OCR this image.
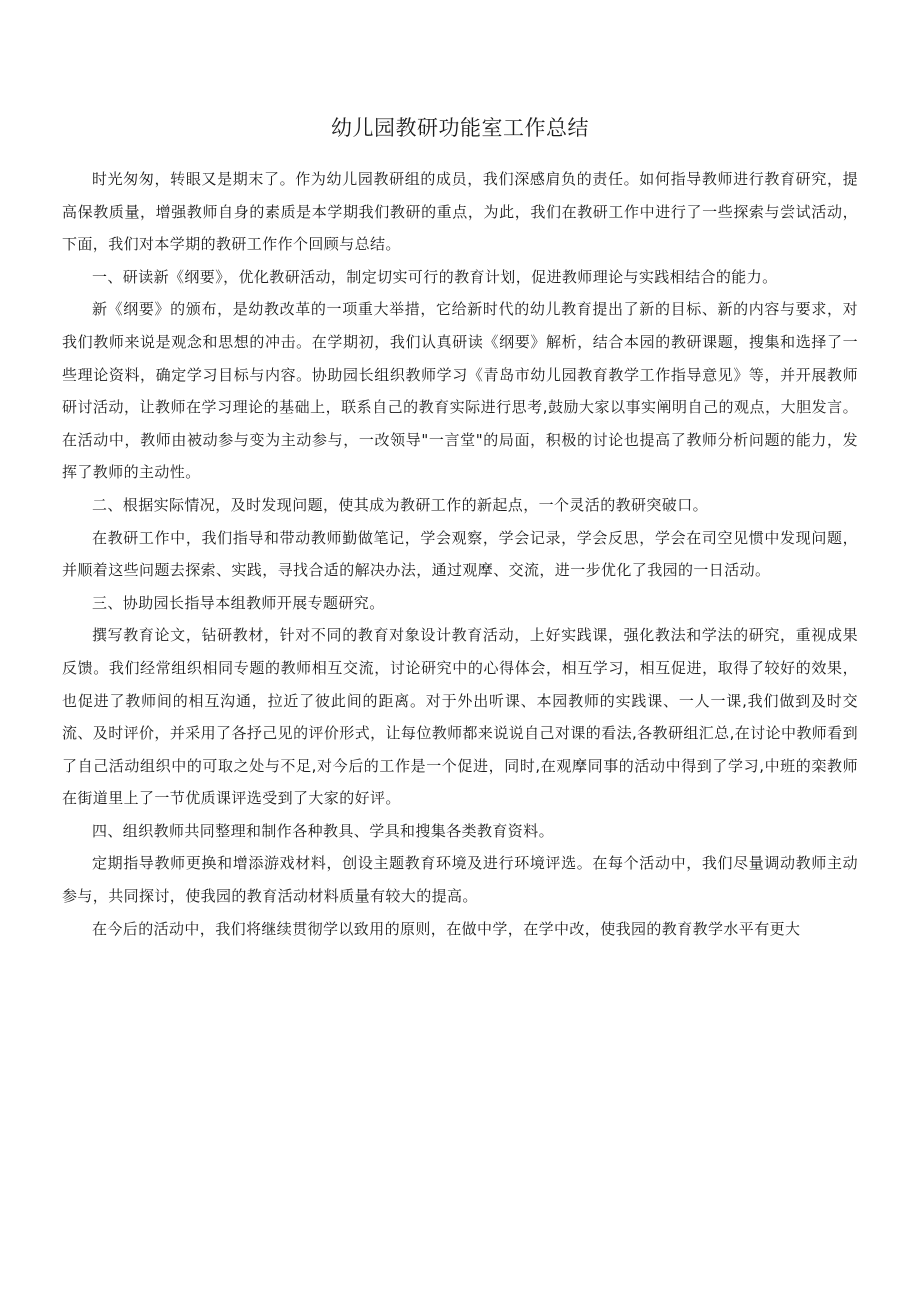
幼儿园教研功能室工作总结

时光匆匆，转眼又是期末了。作为幼儿园教研组的成员，我们深感肩负的责任。如何指导教师进行教育研究，提高保教质量，增强教师自身的素质是本学期我们教研的重点，为此，我们在教研工作中进行了一些探索与尝试活动，下面，我们对本学期的教研工作作个回顾与总结。

一、研读新《纲要》，优化教研活动，制定切实可行的教育计划，促进教师理论与实践相结合的能力。

新《纲要》的颁布，是幼教改革的一项重大举措，它给新时代的幼儿教育提出了新的目标、新的内容与要求，对我们教师来说是观念和思想的冲击。在学期初，我们认真研读《纲要》解析，结合本园的教研课题，搜集和选择了一些理论资料，确定学习目标与内容。协助园长组织教师学习《青岛市幼儿园教育教学工作指导意见》等，并开展教师研讨活动，让教师在学习理论的基础上，联系自己的教育实际进行思考,鼓励大家以事实阐明自己的观点，大胆发言。在活动中，教师由被动参与变为主动参与，一改领导"一言堂"的局面，积极的讨论也提高了教师分析问题的能力，发挥了教师的主动性。

二、根据实际情况，及时发现问题，使其成为教研工作的新起点，一个灵活的教研突破口。

在教研工作中，我们指导和带动教师勤做笔记，学会观察，学会记录，学会反思，学会在司空见惯中发现问题，并顺着这些问题去探索、实践，寻找合适的解决办法，通过观摩、交流，进一步优化了我园的一日活动。

三、协助园长指导本组教师开展专题研究。

撰写教育论文，钻研教材，针对不同的教育对象设计教育活动，上好实践课，强化教法和学法的研究，重视成果反馈。我们经常组织相同专题的教师相互交流，讨论研究中的心得体会，相互学习，相互促进，取得了较好的效果，也促进了教师间的相互沟通，拉近了彼此间的距离。对于外出听课、本园教师的实践课、一人一课,我们做到及时交流、及时评价，并采用了各抒己见的评价形式，让每位教师都来说说自己对课的看法,各教研组汇总,在讨论中教师看到了自己活动组织中的可取之处与不足,对今后的工作是一个促进，同时,在观摩同事的活动中得到了学习,中班的栾教师在街道里上了一节优质课评选受到了大家的好评。

四、组织教师共同整理和制作各种教具、学具和搜集各类教育资料。

定期指导教师更换和增添游戏材料，创设主题教育环境及进行环境评选。在每个活动中，我们尽量调动教师主动参与，共同探讨，使我园的教育活动材料质量有较大的提高。

在今后的活动中，我们将继续贯彻学以致用的原则，在做中学，在学中改，使我园的教育教学水平有更大
